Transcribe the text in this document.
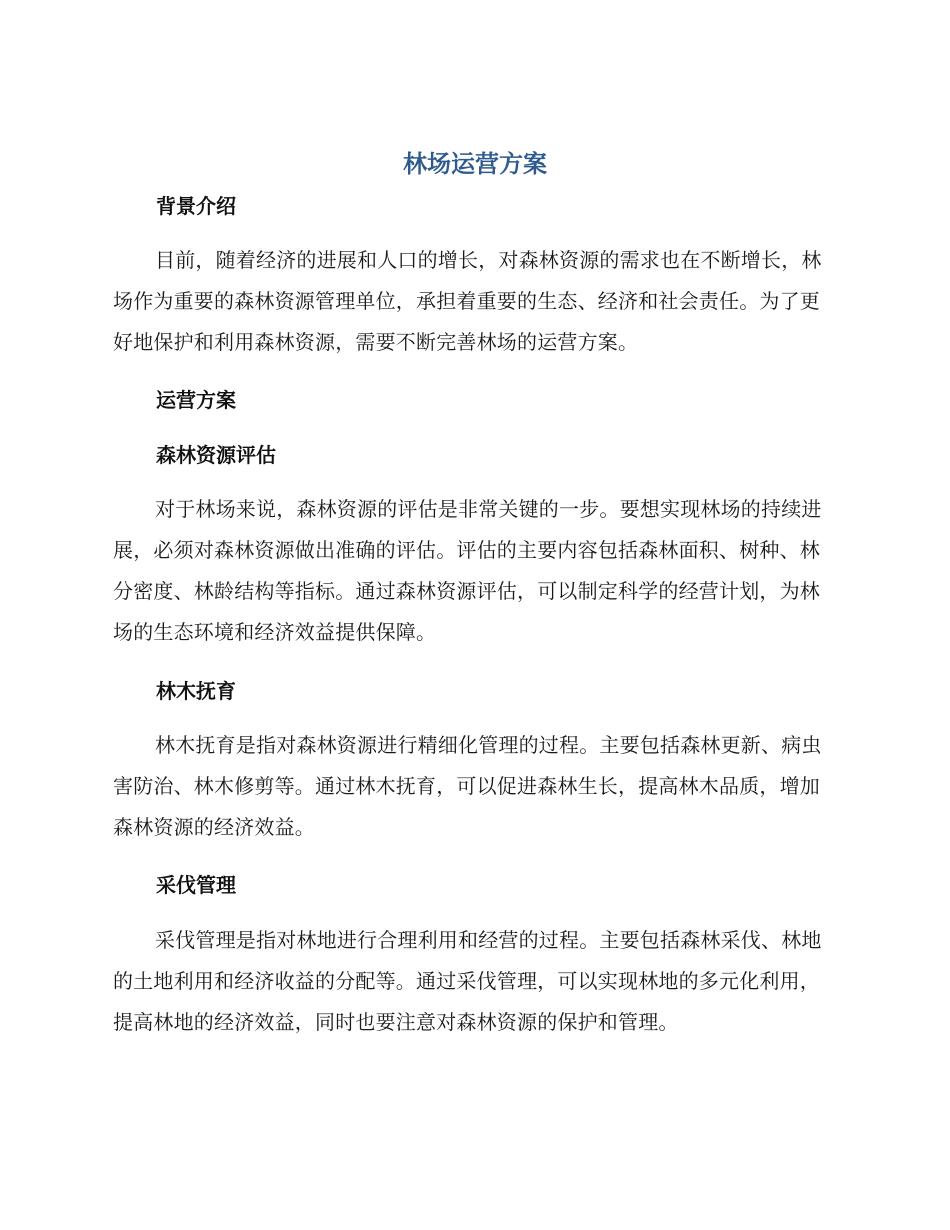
林场运营方案
背景介绍
目前，随着经济的进展和人口的增长，对森林资源的需求也在不断增长，林场作为重要的森林资源管理单位，承担着重要的生态、经济和社会责任。为了更好地保护和利用森林资源，需要不断完善林场的运营方案。
运营方案
森林资源评估
对于林场来说，森林资源的评估是非常关键的一步。要想实现林场的持续进展，必须对森林资源做出准确的评估。评估的主要内容包括森林面积、树种、林分密度、林龄结构等指标。通过森林资源评估，可以制定科学的经营计划，为林场的生态环境和经济效益提供保障。
林木抚育
林木抚育是指对森林资源进行精细化管理的过程。主要包括森林更新、病虫害防治、林木修剪等。通过林木抚育，可以促进森林生长，提高林木品质，增加森林资源的经济效益。
采伐管理
采伐管理是指对林地进行合理利用和经营的过程。主要包括森林采伐、林地的土地利用和经济收益的分配等。通过采伐管理，可以实现林地的多元化利用，提高林地的经济效益，同时也要注意对森林资源的保护和管理。
